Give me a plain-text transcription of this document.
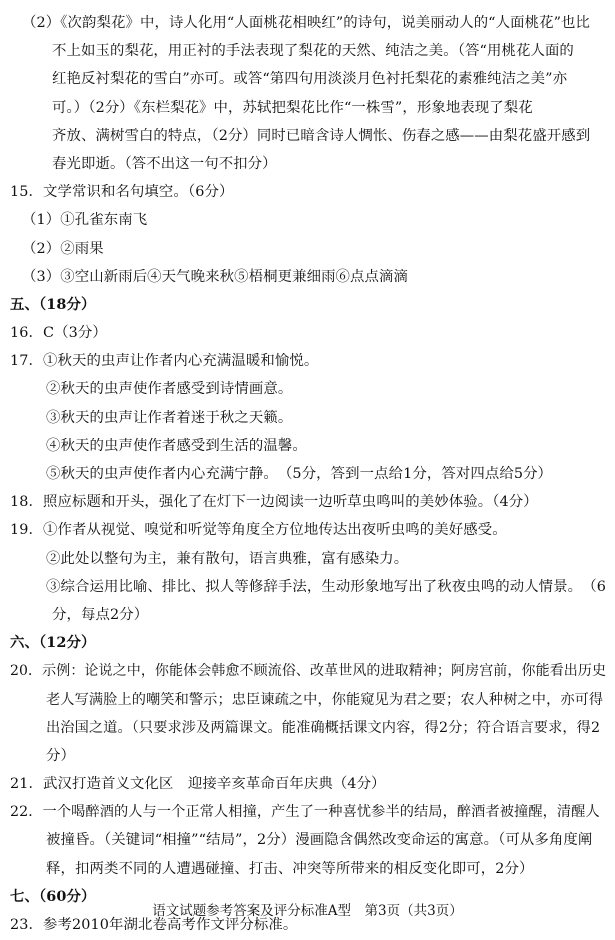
（2）《次韵梨花》中，诗人化用“人面桃花相映红”的诗句，说美丽动人的“人面桃花”也比
不上如玉的梨花，用正衬的手法表现了梨花的天然、纯洁之美。（答“用桃花人面的
红艳反衬梨花的雪白”亦可。或答“第四句用淡淡月色衬托梨花的素雅纯洁之美”亦
可。）（2分）《东栏梨花》中，苏轼把梨花比作“一株雪”，形象地表现了梨花
齐放、满树雪白的特点，（2分）同时已暗含诗人惆怅、伤春之感——由梨花盛开感到
春光即逝。（答不出这一句不扣分）
15．文学常识和名句填空。（6分）
（1）①孔雀东南飞
（2）②雨果
（3）③空山新雨后④天气晚来秋⑤梧桐更兼细雨⑥点点滴滴
五、（18分）
16．C（3分）
17．①秋天的虫声让作者内心充满温暖和愉悦。
②秋天的虫声使作者感受到诗情画意。
③秋天的虫声让作者着迷于秋之天籁。
④秋天的虫声使作者感受到生活的温馨。
⑤秋天的虫声使作者内心充满宁静。　（5分，答到一点给1分，答对四点给5分）
18．照应标题和开头，强化了在灯下一边阅读一边听草虫鸣叫的美妙体验。（4分）
19．①作者从视觉、嗅觉和听觉等角度全方位地传达出夜听虫鸣的美好感受。
②此处以整句为主，兼有散句，语言典雅，富有感染力。
③综合运用比喻、排比、拟人等修辞手法，生动形象地写出了秋夜虫鸣的动人情景。　（6
分，每点2分）
六、（12分）
20．示例：论说之中，你能体会韩愈不顾流俗、改革世风的进取精神；阿房宫前，你能看出历史
老人写满脸上的嘲笑和警示；忠臣谏疏之中，你能窥见为君之要；农人种树之中，亦可得
出治国之道。（只要求涉及两篇课文。能准确概括课文内容，得2分；符合语言要求，得2
分）
21．武汉打造首义文化区　迎接辛亥革命百年庆典（4分）
22．一个喝醉酒的人与一个正常人相撞，产生了一种喜忧参半的结局，醉酒者被撞醒，清醒人
被撞昏。（关键词“相撞”“结局”，2分）漫画隐含偶然改变命运的寓意。（可从多角度阐
释，扣两类不同的人遭遇碰撞、打击、冲突等所带来的相反变化即可，2分）
七、（60分）
23．参考2010年湖北卷高考作文评分标准。
语文试题参考答案及评分标准A型　第3页（共3页）
